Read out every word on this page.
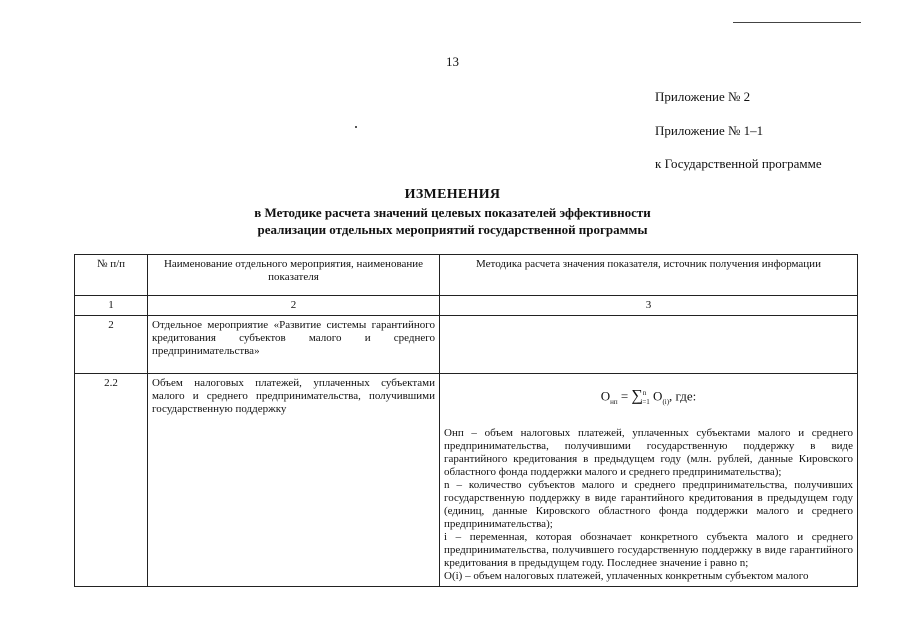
13
Приложение № 2
Приложение № 1–1
к Государственной программе
ИЗМЕНЕНИЯ
в Методике расчета значений целевых показателей эффективности
реализации отдельных мероприятий государственной программы
№ п/п	Наименование отдельного мероприятия, наименование показателя	Методика расчета значения показателя, источник получения информации
1	2	3
2	Отдельное мероприятие «Развитие системы гарантийного кредитования субъектов малого и среднего предпринимательства»	
2.2	Объем налоговых платежей, уплаченных субъектами малого и среднего предпринимательства, получившими государственную поддержку	$О_{нп} = \sum^n_{i=1}$ $О_{(i)}$, где:
Онп – объем налоговых платежей, уплаченных субъектами малого и среднего предпринимательства, получившими государственную поддержку в виде гарантийного кредитования в предыдущем году (млн. рублей, данные Кировского областного фонда поддержки малого и среднего предпринимательства);
n – количество субъектов малого и среднего предпринимательства, получивших государственную поддержку в виде гарантийного кредитования в предыдущем году (единиц, данные Кировского областного фонда поддержки малого и среднего предпринимательства);
i – переменная, которая обозначает конкретного субъекта малого и среднего предпринимательства, получившего государственную поддержку в виде гарантийного кредитования в предыдущем году. Последнее значение i равно n;
О(i) – объем налоговых платежей, уплаченных конкретным субъектом малого
